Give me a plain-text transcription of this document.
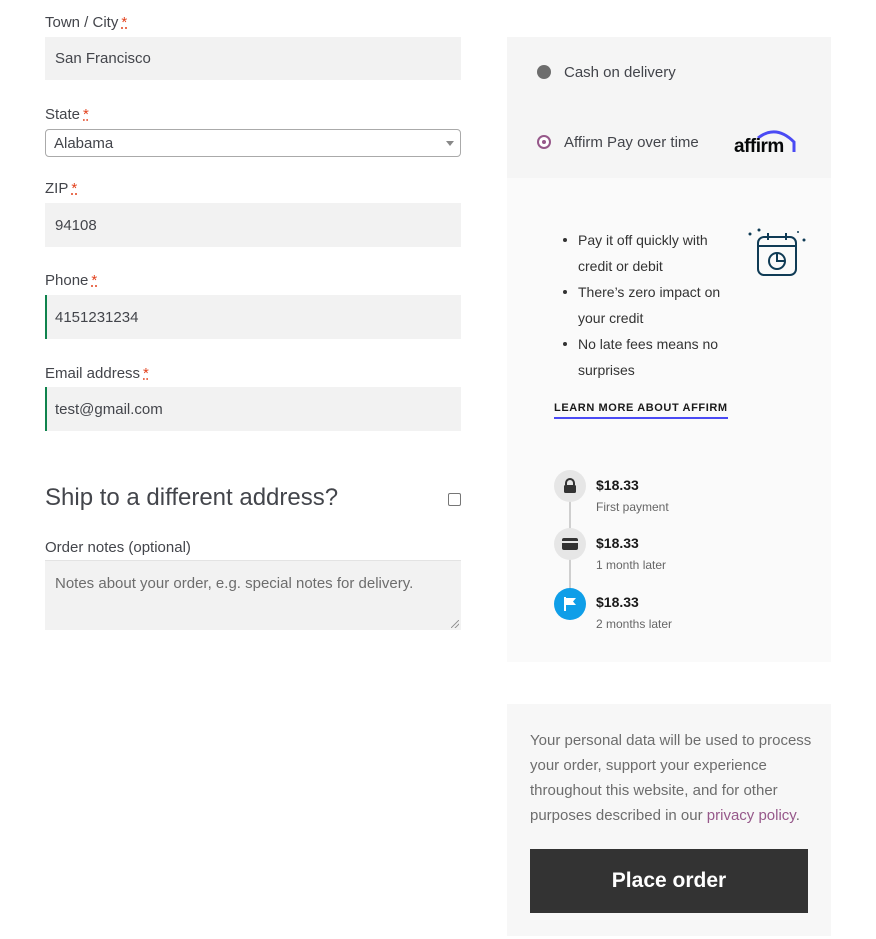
Town / City *
San Francisco
State *
Alabama
ZIP *
94108
Phone *
4151231234
Email address *
test@gmail.com
Ship to a different address?
Order notes (optional)
Notes about your order, e.g. special notes for delivery.
Cash on delivery
Affirm Pay over time affirm
Pay it off quickly with credit or debit
There’s zero impact on your credit
No late fees means no surprises
LEARN MORE ABOUT AFFIRM
$18.33
First payment
$18.33
1 month later
$18.33
2 months later
Your personal data will be used to process your order, support your experience throughout this website, and for other purposes described in our privacy policy.
Place order
